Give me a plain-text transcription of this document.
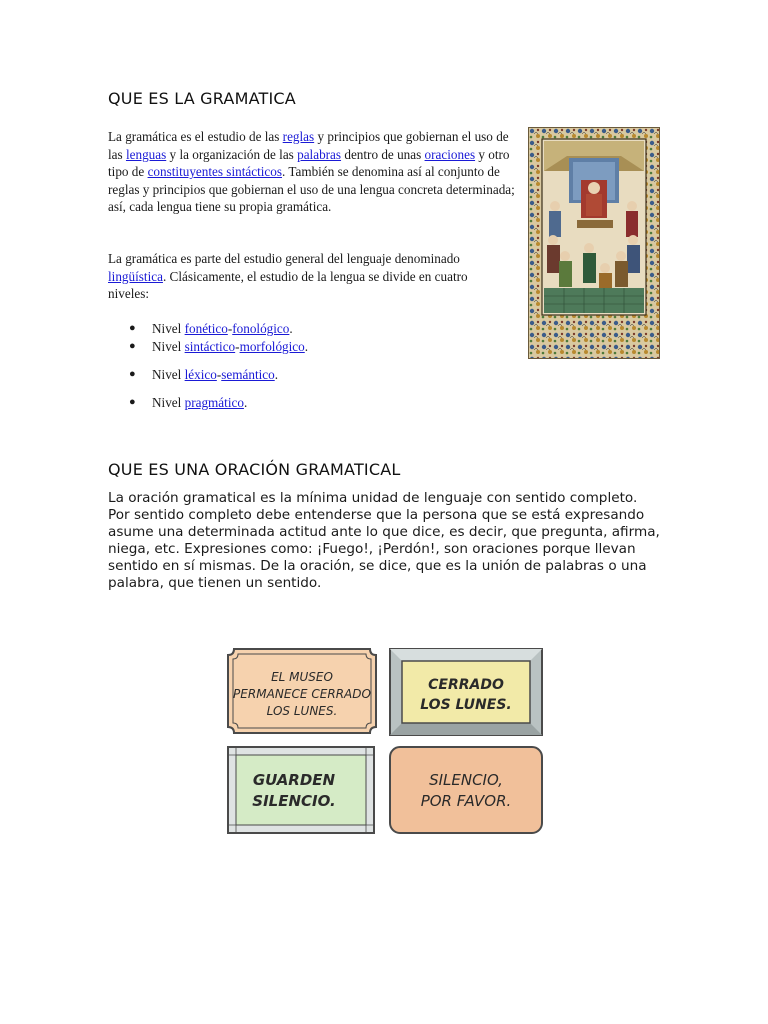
QUE ES LA GRAMATICA

La gramática es el estudio de las reglas y principios que gobiernan el uso de las lenguas y la organización de las palabras dentro de unas oraciones y otro tipo de constituyentes sintácticos. También se denomina así al conjunto de reglas y principios que gobiernan el uso de una lengua concreta determinada; así, cada lengua tiene su propia gramática.

La gramática es parte del estudio general del lenguaje denominado lingüística. Clásicamente, el estudio de la lengua se divide en cuatro niveles:

● Nivel fonético-fonológico.
● Nivel sintáctico-morfológico.
● Nivel léxico-semántico.
● Nivel pragmático.
QUE ES UNA ORACIÓN GRAMATICAL

La oración gramatical es la mínima unidad de lenguaje con sentido completo. Por sentido completo debe entenderse que la persona que se está expresando asume una determinada actitud ante lo que dice, es decir, que pregunta, afirma, niega, etc. Expresiones como: ¡Fuego!, ¡Perdón!, son oraciones porque llevan sentido en sí mismas. De la oración, se dice, que es la unión de palabras o una palabra, que tienen un sentido.

EL MUSEO
PERMANECE CERRADO
LOS LUNES.
CERRADO
LOS LUNES.
GUARDEN
SILENCIO.
SILENCIO,
POR FAVOR.
